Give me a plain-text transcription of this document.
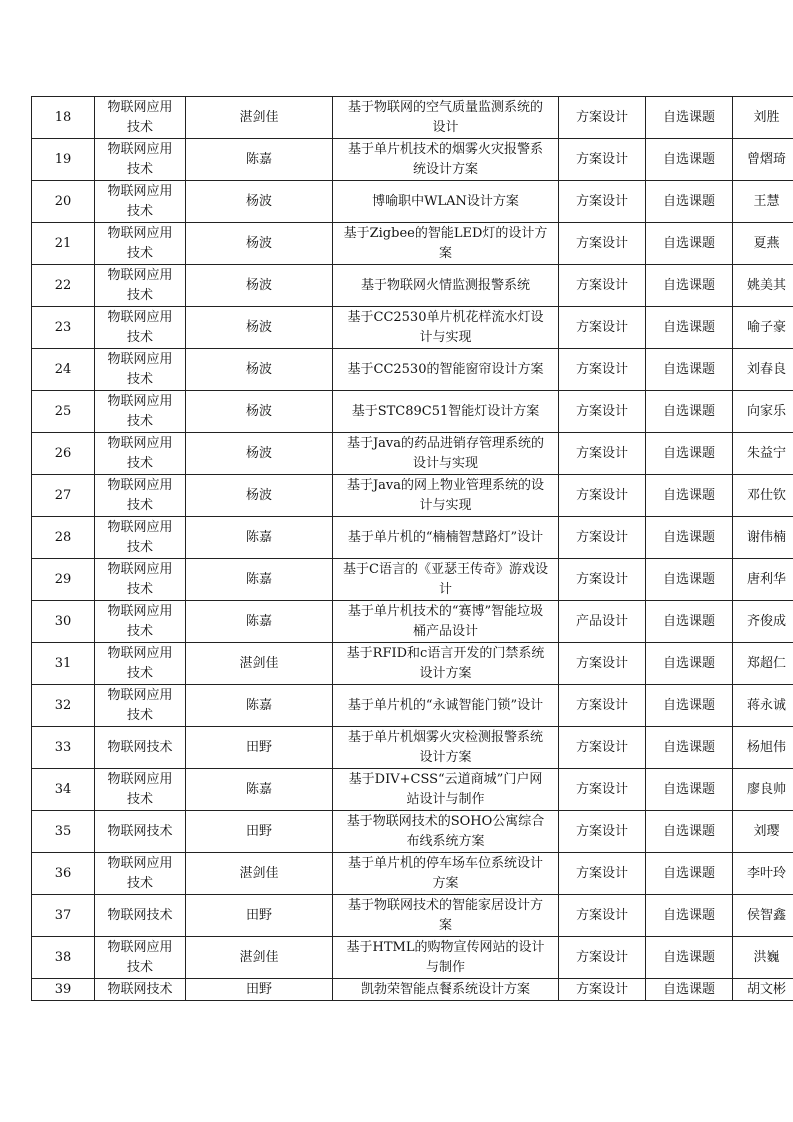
18	物联网应用技术	湛剑佳	基于物联网的空气质量监测系统的设计	方案设计	自选课题	刘胜
19	物联网应用技术	陈嘉	基于单片机技术的烟雾火灾报警系统设计方案	方案设计	自选课题	曾熠琦
20	物联网应用技术	杨波	博喻职中WLAN设计方案	方案设计	自选课题	王慧
21	物联网应用技术	杨波	基于Zigbee的智能LED灯的设计方案	方案设计	自选课题	夏燕
22	物联网应用技术	杨波	基于物联网火情监测报警系统	方案设计	自选课题	姚美其
23	物联网应用技术	杨波	基于CC2530单片机花样流水灯设计与实现	方案设计	自选课题	喻子豪
24	物联网应用技术	杨波	基于CC2530的智能窗帘设计方案	方案设计	自选课题	刘春良
25	物联网应用技术	杨波	基于STC89C51智能灯设计方案	方案设计	自选课题	向家乐
26	物联网应用技术	杨波	基于Java的药品进销存管理系统的设计与实现	方案设计	自选课题	朱益宁
27	物联网应用技术	杨波	基于Java的网上物业管理系统的设计与实现	方案设计	自选课题	邓仕钦
28	物联网应用技术	陈嘉	基于单片机的“楠楠智慧路灯”设计	方案设计	自选课题	谢伟楠
29	物联网应用技术	陈嘉	基于C语言的《亚瑟王传奇》游戏设计	方案设计	自选课题	唐利华
30	物联网应用技术	陈嘉	基于单片机技术的“赛博”智能垃圾桶产品设计	产品设计	自选课题	齐俊成
31	物联网应用技术	湛剑佳	基于RFID和c语言开发的门禁系统设计方案	方案设计	自选课题	郑超仁
32	物联网应用技术	陈嘉	基于单片机的“永诚智能门锁”设计	方案设计	自选课题	蒋永诚
33	物联网技术	田野	基于单片机烟雾火灾检测报警系统设计方案	方案设计	自选课题	杨旭伟
34	物联网应用技术	陈嘉	基于DIV+CSS“云道商城”门户网站设计与制作	方案设计	自选课题	廖良帅
35	物联网技术	田野	基于物联网技术的SOHO公寓综合布线系统方案	方案设计	自选课题	刘璎
36	物联网应用技术	湛剑佳	基于单片机的停车场车位系统设计方案	方案设计	自选课题	李叶玲
37	物联网技术	田野	基于物联网技术的智能家居设计方案	方案设计	自选课题	侯智鑫
38	物联网应用技术	湛剑佳	基于HTML的购物宣传网站的设计与制作	方案设计	自选课题	洪巍
39	物联网技术	田野	凯勃荣智能点餐系统设计方案	方案设计	自选课题	胡文彬
